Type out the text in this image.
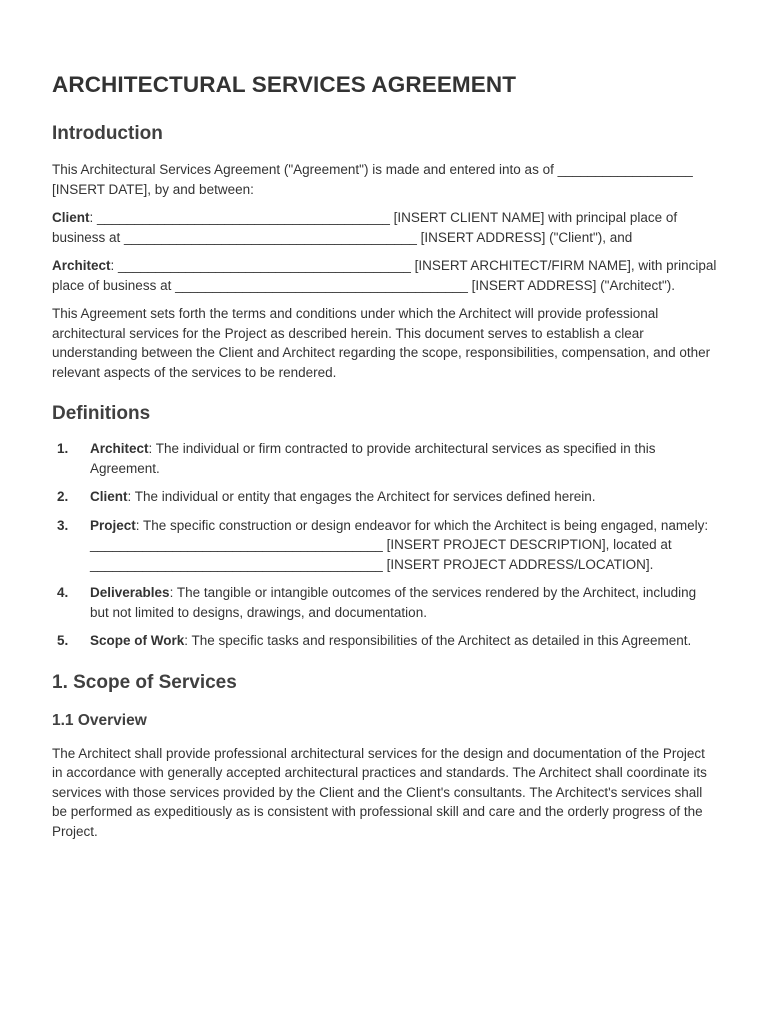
ARCHITECTURAL SERVICES AGREEMENT
Introduction

This Architectural Services Agreement ("Agreement") is made and entered into as of __________________ [INSERT DATE], by and between:

Client: _______________________________________ [INSERT CLIENT NAME] with principal place of business at _______________________________________ [INSERT ADDRESS] ("Client"), and

Architect: _______________________________________ [INSERT ARCHITECT/FIRM NAME], with principal place of business at _______________________________________ [INSERT ADDRESS] ("Architect").

This Agreement sets forth the terms and conditions under which the Architect will provide professional architectural services for the Project as described herein. This document serves to establish a clear understanding between the Client and Architect regarding the scope, responsibilities, compensation, and other relevant aspects of the services to be rendered.

Definitions
1. Architect: The individual or firm contracted to provide architectural services as specified in this Agreement.
2. Client: The individual or entity that engages the Architect for services defined herein.
3. Project: The specific construction or design endeavor for which the Architect is being engaged, namely: _______________________________________ [INSERT PROJECT DESCRIPTION], located at _______________________________________ [INSERT PROJECT ADDRESS/LOCATION].
4. Deliverables: The tangible or intangible outcomes of the services rendered by the Architect, including but not limited to designs, drawings, and documentation.
5. Scope of Work: The specific tasks and responsibilities of the Architect as detailed in this Agreement.
1. Scope of Services
1.1 Overview

The Architect shall provide professional architectural services for the design and documentation of the Project in accordance with generally accepted architectural practices and standards. The Architect shall coordinate its services with those services provided by the Client and the Client's consultants. The Architect's services shall be performed as expeditiously as is consistent with professional skill and care and the orderly progress of the Project.
